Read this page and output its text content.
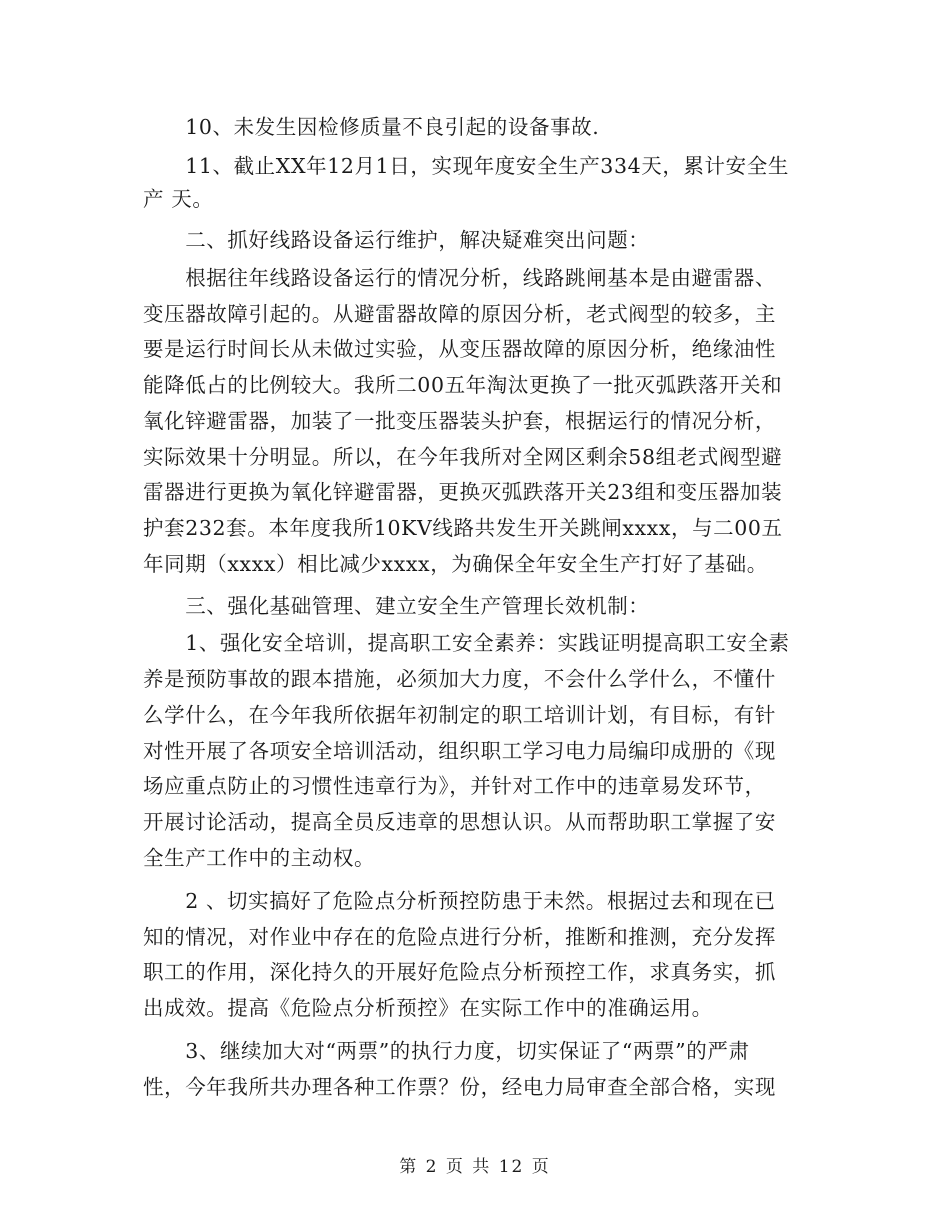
　　10、未发生因检修质量不良引起的设备事故.
　　11、截止XX年12月1日，实现年度安全生产334天，累计安全生
产 天。
　　二、抓好线路设备运行维护，解决疑难突出问题：
　　根据往年线路设备运行的情况分析，线路跳闸基本是由避雷器、
变压器故障引起的。从避雷器故障的原因分析，老式阀型的较多，主
要是运行时间长从未做过实验，从变压器故障的原因分析，绝缘油性
能降低占的比例较大。我所二00五年淘汰更换了一批灭弧跌落开关和
氧化锌避雷器，加装了一批变压器装头护套，根据运行的情况分析，
实际效果十分明显。所以，在今年我所对全网区剩余58组老式阀型避
雷器进行更换为氧化锌避雷器，更换灭弧跌落开关23组和变压器加装
护套232套。本年度我所10KV线路共发生开关跳闸xxxx，与二00五
年同期（xxxx）相比减少xxxx，为确保全年安全生产打好了基础。
　　三、强化基础管理、建立安全生产管理长效机制：
　　1、强化安全培训，提高职工安全素养：实践证明提高职工安全素
养是预防事故的跟本措施，必须加大力度，不会什么学什么，不懂什
么学什么，在今年我所依据年初制定的职工培训计划，有目标，有针
对性开展了各项安全培训活动，组织职工学习电力局编印成册的《现
场应重点防止的习惯性违章行为》，并针对工作中的违章易发环节，
开展讨论活动，提高全员反违章的思想认识。从而帮助职工掌握了安
全生产工作中的主动权。
　　2 、切实搞好了危险点分析预控防患于未然。根据过去和现在已
知的情况，对作业中存在的危险点进行分析，推断和推测，充分发挥
职工的作用，深化持久的开展好危险点分析预控工作，求真务实，抓
出成效。提高《危险点分析预控》在实际工作中的准确运用。
　　3、继续加大对“两票”的执行力度，切实保证了“两票”的严肃
性，今年我所共办理各种工作票？份，经电力局审查全部合格，实现
第 2 页 共 12 页
